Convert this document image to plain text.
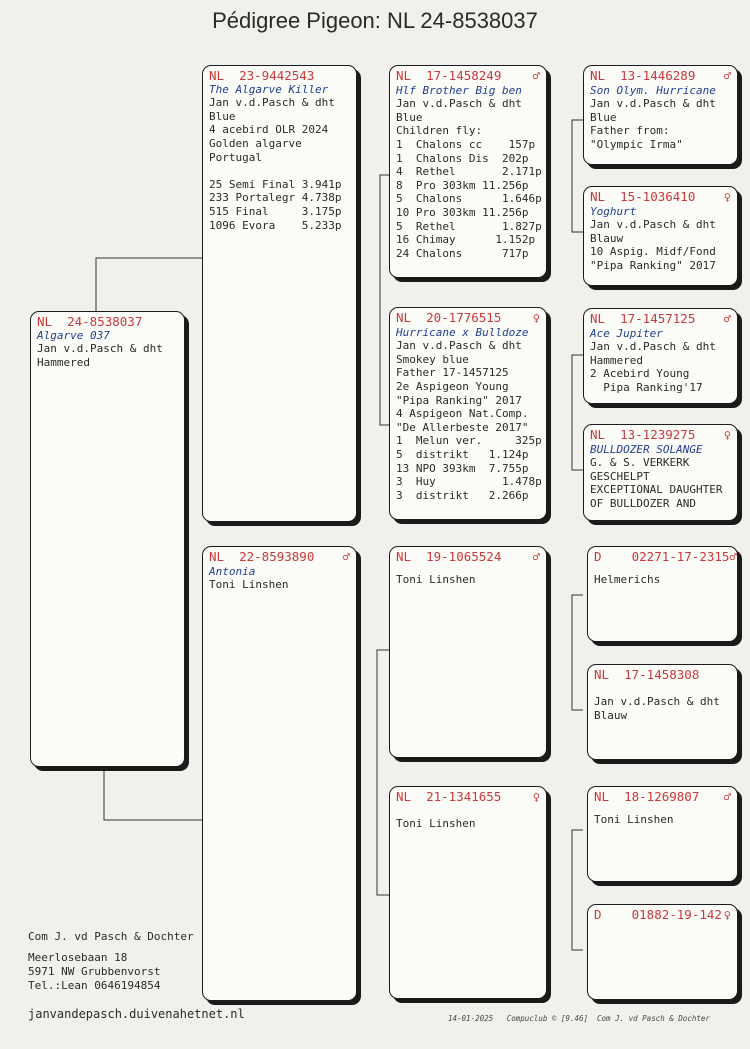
Pédigree Pigeon: NL 24-8538037
NL  24-8538037
Algarve 037
Jan v.d.Pasch & dht
Hammered
NL  23-9442543
The Algarve Killer
Jan v.d.Pasch & dht
Blue
4 acebird OLR 2024
Golden algarve
Portugal
25 Semi Final 3.941p
233 Portalegr 4.738p
515 Final     3.175p
1096 Evora    5.233p
NL  22-8593890 ♂
Antonia
Toni Linshen
NL  17-1458249	♂
Hlf Brother Big ben
Jan v.d.Pasch & dht
Blue
Children fly:
1  Chalons cc    157p
1  Chalons Dis  202p
4  Rethel       2.171p
8  Pro 303km 11.256p
5  Chalons      1.646p
10 Pro 303km 11.256p
5  Rethel       1.827p
16 Chimay      1.152p
24 Chalons      717p
NL  20-1776515	♀
Hurricane x Bulldoze
Jan v.d.Pasch & dht
Smokey blue
Father 17-1457125
2e Aspigeon Young
"Pipa Ranking" 2017
4 Aspigeon Nat.Comp.
"De Allerbeste 2017"
1  Melun ver.     325p
5  distrikt   1.124p
13 NPO 393km  7.755p
3  Huy          1.478p
3  distrikt   2.266p
NL  19-1065524	♂
Toni Linshen
NL  21-1341655	♀
Toni Linshen
NL  13-1446289 ♂
Son Olym. Hurricane
Jan v.d.Pasch & dht
Blue
Father from:
"Olympic Irma"
NL  15-1036410 ♀
Yoghurt
Jan v.d.Pasch & dht
Blauw
10 Aspig. Midf/Fond
"Pipa Ranking" 2017
NL  17-1457125 ♂
Ace Jupiter
Jan v.d.Pasch & dht
Hammered
2 Acebird Young
Pipa Ranking'17
NL  13-1239275 ♀
BULLDOZER SOLANGE
G. & S. VERKERK
GESCHELPT
EXCEPTIONAL DAUGHTER
OF BULLDOZER AND
D    02271-17-2315 ♂
Helmerichs
NL  17-1458308
Jan v.d.Pasch & dht
Blauw
NL  18-1269807 ♂
Toni Linshen
D    01882-19-142 ♀
Com J. vd Pasch & Dochter
Meerlosebaan 18
5971 NW Grubbenvorst
Tel.:Lean 0646194854
janvandepasch.duivenahetnet.nl	14-01-2025   Compuclub © [9.46]  Com J. vd Pasch & Dochter
